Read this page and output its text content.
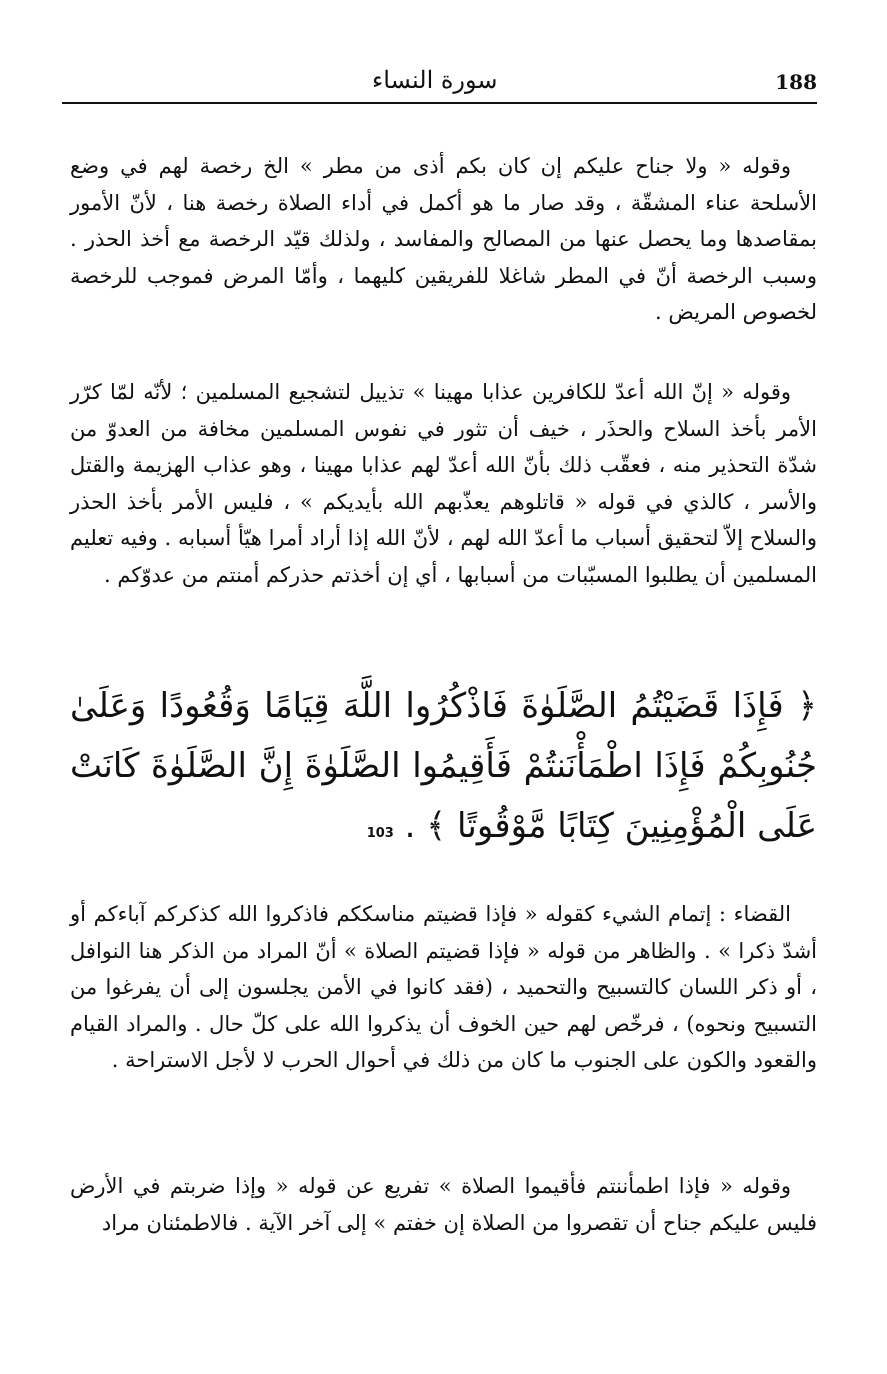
188
سورة النساء

وقوله « ولا جناح عليكم إن كان بكم أذى من مطر » الخ رخصة لهم في وضع الأسلحة عناء المشقّة ، وقد صار ما هو أكمل في أداء الصلاة رخصة هنا ، لأنّ الأمور بمقاصدها وما يحصل عنها من المصالح والمفاسد ، ولذلك قيّد الرخصة مع أخذ الحذر . وسبب الرخصة أنّ في المطر شاغلا للفريقين كليهما ، وأمّا المرض فموجب للرخصة لخصوص المريض .

وقوله « إنّ الله أعدّ للكافرين عذابا مهينا » تذييل لتشجيع المسلمين ؛ لأنّه لمّا كرّر الأمر بأخذ السلاح والحذَر ، خيف أن تثور في نفوس المسلمين مخافة من العدوّ من شدّة التحذير منه ، فعقّب ذلك بأنّ الله أعدّ لهم عذابا مهينا ، وهو عذاب الهزيمة والقتل والأسر ، كالذي في قوله « قاتلوهم يعذّبهم الله بأيديكم » ، فليس الأمر بأخذ الحذر والسلاح إلاّ لتحقيق أسباب ما أعدّ الله لهم ، لأنّ الله إذا أراد أمرا هيّأ أسبابه . وفيه تعليم المسلمين أن يطلبوا المسبّبات من أسبابها ، أي إن أخذتم حذركم أمنتم من عدوّكم .

﴿ فَإِذَا قَضَيْتُمُ الصَّلَوٰةَ فَاذْكُرُوا اللَّهَ قِيَامًا وَقُعُودًا وَعَلَىٰ جُنُوبِكُمْ فَإِذَا اطْمَأْنَنتُمْ فَأَقِيمُوا الصَّلَوٰةَ إِنَّ الصَّلَوٰةَ كَانَتْ عَلَى الْمُؤْمِنِينَ كِتَابًا مَّوْقُوتًا ﴾ . 103

القضاء : إتمام الشيء كقوله « فإذا قضيتم مناسككم فاذكروا الله كذكركم آباءكم أو أشدّ ذكرا » . والظاهر من قوله « فإذا قضيتم الصلاة » أنّ المراد من الذكر هنا النوافل ، أو ذكر اللسان كالتسبيح والتحميد ، (فقد كانوا في الأمن يجلسون إلى أن يفرغوا من التسبيح ونحوه) ، فرخّص لهم حين الخوف أن يذكروا الله على كلّ حال . والمراد القيام والقعود والكون على الجنوب ما كان من ذلك في أحوال الحرب لا لأجل الاستراحة .

وقوله « فإذا اطمأننتم فأقيموا الصلاة » تفريع عن قوله « وإذا ضربتم في الأرض فليس عليكم جناح أن تقصروا من الصلاة إن خفتم » إلى آخر الآية . فالاطمئنان مراد
